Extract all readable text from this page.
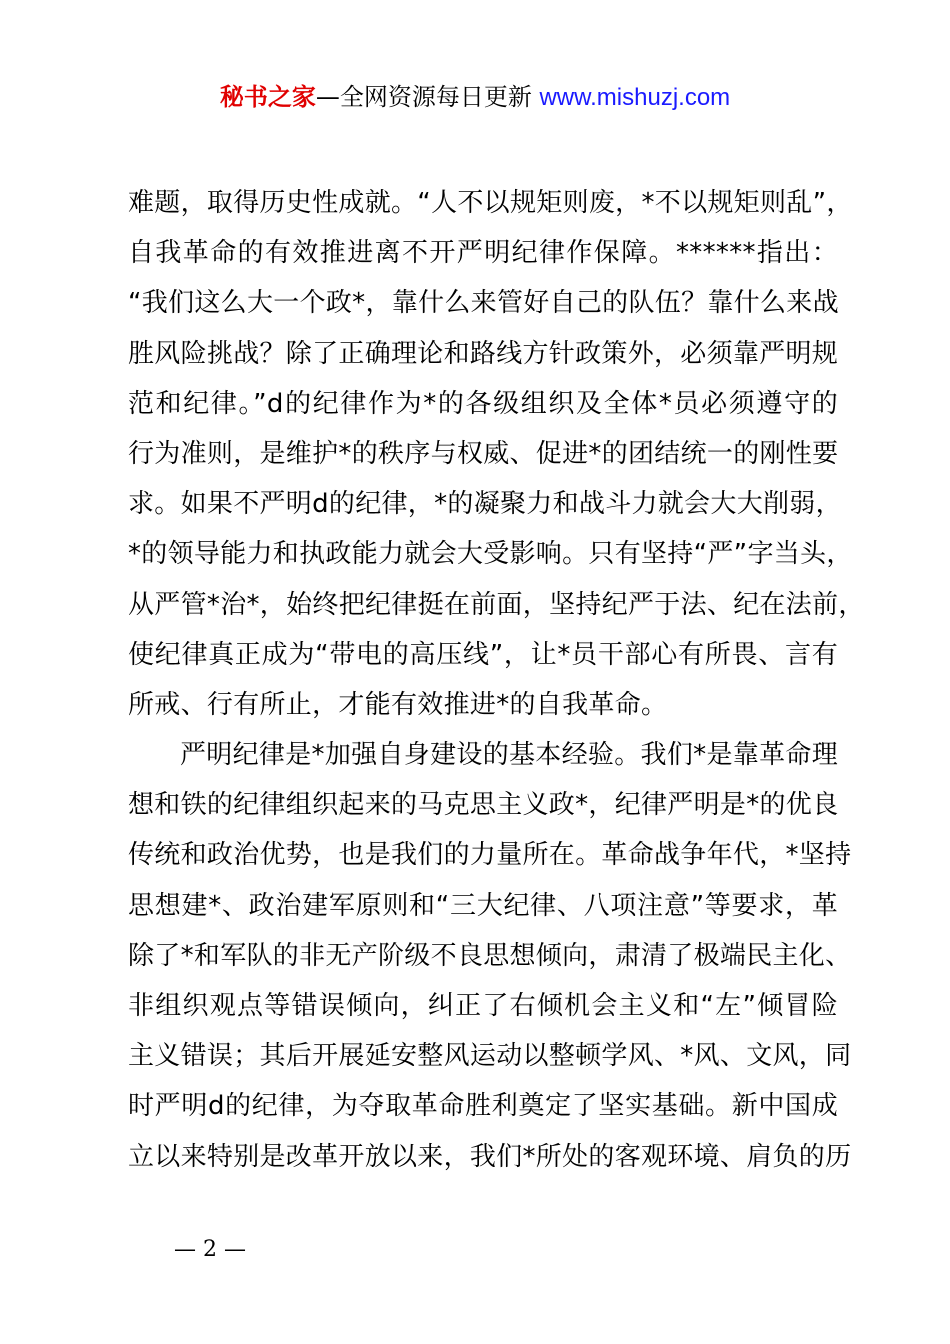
秘书之家—全网资源每日更新 www.mishuzj.com
难题，取得历史性成就。“人不以规矩则废，*不以规矩则乱”，
自我革命的有效推进离不开严明纪律作保障。******指出：
“我们这么大一个政*，靠什么来管好自己的队伍？靠什么来战
胜风险挑战？除了正确理论和路线方针政策外，必须靠严明规
范和纪律。”d的纪律作为*的各级组织及全体*员必须遵守的
行为准则，是维护*的秩序与权威、促进*的团结统一的刚性要
求。如果不严明d的纪律，*的凝聚力和战斗力就会大大削弱，
*的领导能力和执政能力就会大受影响。只有坚持“严”字当头，
从严管*治*，始终把纪律挺在前面，坚持纪严于法、纪在法前，
使纪律真正成为“带电的高压线”，让*员干部心有所畏、言有
所戒、行有所止，才能有效推进*的自我革命。
严明纪律是*加强自身建设的基本经验。我们*是靠革命理
想和铁的纪律组织起来的马克思主义政*，纪律严明是*的优良
传统和政治优势，也是我们的力量所在。革命战争年代，*坚持
思想建*、政治建军原则和“三大纪律、八项注意”等要求，革
除了*和军队的非无产阶级不良思想倾向，肃清了极端民主化、
非组织观点等错误倾向，纠正了右倾机会主义和“左”倾冒险
主义错误；其后开展延安整风运动以整顿学风、*风、文风，同
时严明d的纪律，为夺取革命胜利奠定了坚实基础。新中国成
立以来特别是改革开放以来，我们*所处的客观环境、肩负的历
— 2 —
